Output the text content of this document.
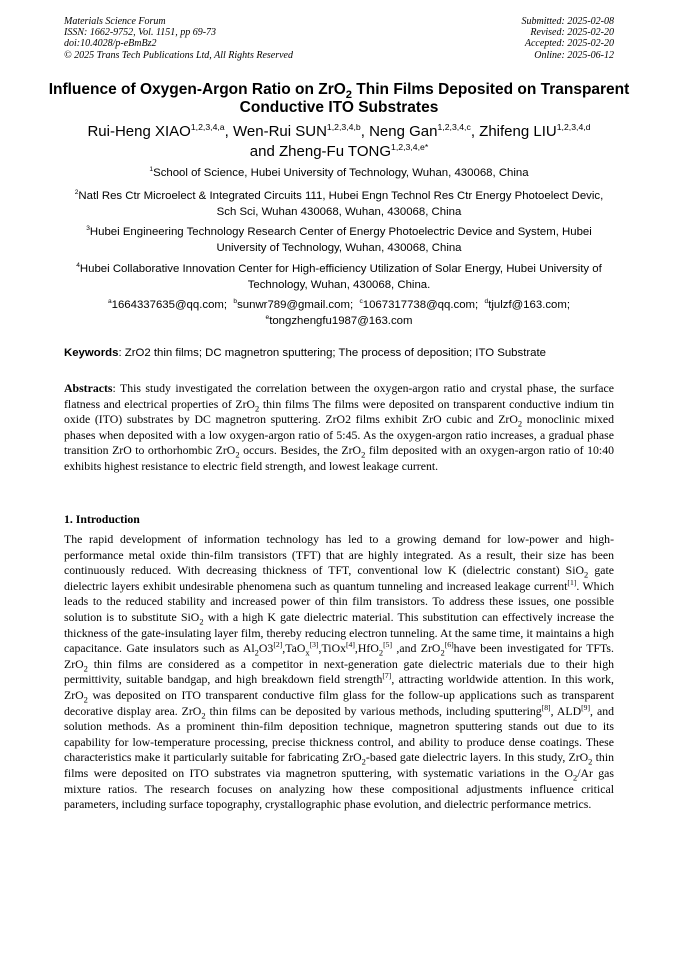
Materials Science Forum
ISSN: 1662-9752, Vol. 1151, pp 69-73
doi:10.4028/p-eBmBz2
© 2025 Trans Tech Publications Ltd, All Rights Reserved
Submitted: 2025-02-08
Revised: 2025-02-20
Accepted: 2025-02-20
Online: 2025-06-12
Influence of Oxygen-Argon Ratio on ZrO$_2$ Thin Films Deposited on Transparent Conductive ITO Substrates
Rui-Heng XIAO$^{1,2,3,4,a}$, Wen-Rui SUN$^{1,2,3,4,b}$, Neng Gan$^{1,2,3,4,c}$, Zhifeng LIU$^{1,2,3,4,d}$
and Zheng-Fu $TONG^{1,2,3,4,e*}$
$^1$School of Science, Hubei University of Technology, Wuhan, 430068, China
$^2$Natl Res Ctr Microelect & Integrated Circuits 111, Hubei Engn Technol Res Ctr Energy Photoelect Devic, Sch Sci, Wuhan 430068, Wuhan, 430068, China
$^3$Hubei Engineering Technology Research Center of Energy Photoelectric Device and System, Hubei University of Technology, Wuhan, 430068, China
$^4$Hubei Collaborative Innovation Center for High-efficiency Utilization of Solar Energy, Hubei University of Technology, Wuhan, 430068, China.
$^a$1664337635@qq.com;  $^b$sunwr789@gmail.com;  $^c$1067317738@qq.com;  $^d$tjulzf@163.com;
$^e$tongzhengfu1987@163.com
Keywords: ZrO2 thin films; DC magnetron sputtering; The process of deposition; ITO Substrate

Abstracts: This study investigated the correlation between the oxygen-argon ratio and crystal phase, the surface flatness and electrical properties of ZrO$_2$ thin films The films were deposited on transparent conductive indium tin oxide (ITO) substrates by DC magnetron sputtering. ZrO2 films exhibit ZrO cubic and ZrO$_2$ monoclinic mixed phases when deposited with a low oxygen-argon ratio of 5:45. As the oxygen-argon ratio increases, a gradual phase transition ZrO to orthorhombic ZrO$_2$ occurs. Besides, the ZrO$_2$ film deposited with an oxygen-argon ratio of 10:40 exhibits highest resistance to electric field strength, and lowest leakage current.

1. Introduction

The rapid development of information technology has led to a growing demand for low-power and high-performance metal oxide thin-film transistors (TFT) that are highly integrated. As a result, their size has been continuously reduced. With decreasing thickness of TFT, conventional low K (dielectric constant) SiO$_2$ gate dielectric layers exhibit undesirable phenomena such as quantum tunneling and increased leakage current[1]. Which leads to the reduced stability and increased power of thin film transistors. To address these issues, one possible solution is to substitute SiO$_2$ with a high K gate dielectric material. This substitution can effectively increase the thickness of the gate-insulating layer film, thereby reducing electron tunneling. At the same time, it maintains a high capacitance. Gate insulators such as $Al_2O3[2],TaO_x[3],TiOx[4],HfO_2[5]$ ,and ZrO$_2$[6]have been investigated for TFTs. ZrO$_2$ thin films are considered as a competitor in next-generation gate dielectric materials due to their high permittivity, suitable bandgap, and high breakdown field strength[7], attracting worldwide attention. In this work, ZrO$_2$ was deposited on ITO transparent conductive film glass for the follow-up applications such as transparent decorative display area. ZrO$_2$ thin films can be deposited by various methods, including sputtering[8], ALD[9], and solution methods. As a prominent thin-film deposition technique, magnetron sputtering stands out due to its capability for low-temperature processing, precise thickness control, and ability to produce dense coatings. These characteristics make it particularly suitable for fabricating ZrO$_2$-based gate dielectric layers. In this study, ZrO$_2$ thin films were deposited on ITO substrates via magnetron sputtering, with systematic variations in the $O_2/Ar$ gas mixture ratios. The research focuses on analyzing how these compositional adjustments influence critical parameters, including surface topography, crystallographic phase evolution, and dielectric performance metrics.
